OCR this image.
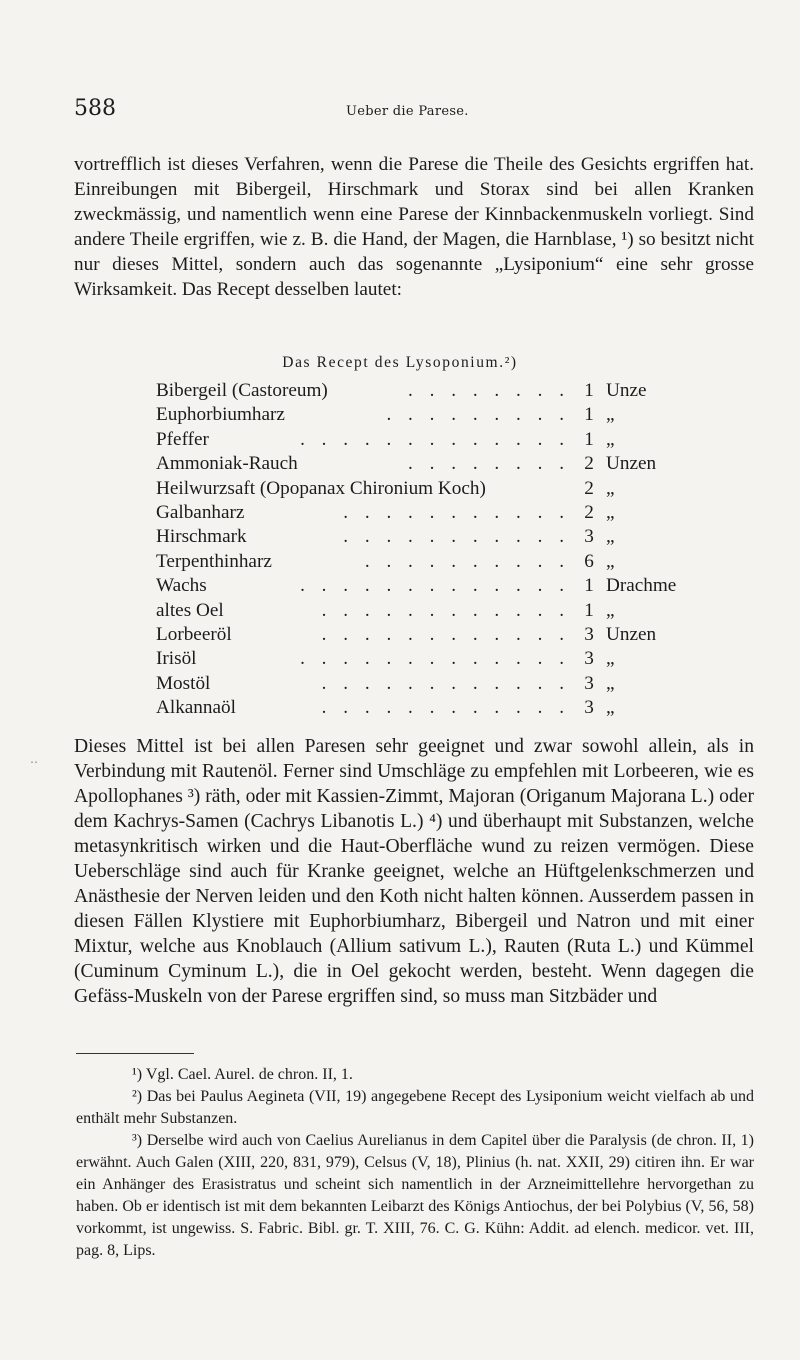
588	Ueber die Parese.

vortrefflich ist dieses Verfahren, wenn die Parese die Theile des Gesichts ergriffen hat. Einreibungen mit Bibergeil, Hirschmark und Storax sind bei allen Kranken zweckmässig, und namentlich wenn eine Parese der Kinnbackenmuskeln vorliegt. Sind andere Theile ergriffen, wie z. B. die Hand, der Magen, die Harnblase, ¹) so besitzt nicht nur dieses Mittel, sondern auch das sogenannte „Lysiponium“ eine sehr grosse Wirksamkeit. Das Recept desselben lautet:

Das Recept des Lysoponium.²)
Bibergeil (Castoreum)	. . . . . . . . 1 Unze
Euphorbiumharz	. . . . . . . . . 1 „
Pfeffer	. . . . . . . . . . . . . 1 „
Ammoniak-Rauch	. . . . . . . . 2 Unzen
Heilwurzsaft (Opopanax Chironium Koch)	2 „
Galbanharz	. . . . . . . . . . . 2 „
Hirschmark	. . . . . . . . . . . 3 „
Terpenthinharz	. . . . . . . . . . 6 „
Wachs	. . . . . . . . . . . . . 1 Drachme
altes Oel	. . . . . . . . . . . . 1 „
Lorbeeröl	. . . . . . . . . . . . 3 Unzen
Irisöl	. . . . . . . . . . . . . 3 „
Mostöl	. . . . . . . . . . . . 3 „
Alkannaöl	. . . . . . . . . . . . 3 „
‥

Dieses Mittel ist bei allen Paresen sehr geeignet und zwar sowohl allein, als in Verbindung mit Rautenöl. Ferner sind Umschläge zu empfehlen mit Lorbeeren, wie es Apollophanes ³) räth, oder mit Kassien-Zimmt, Majoran (Origanum Majorana L.) oder dem Kachrys-Samen (Cachrys Libanotis L.) ⁴) und überhaupt mit Substanzen, welche metasynkritisch wirken und die Haut-Oberfläche wund zu reizen vermögen. Diese Ueberschläge sind auch für Kranke geeignet, welche an Hüftgelenkschmerzen und Anästhesie der Nerven leiden und den Koth nicht halten können. Ausserdem passen in diesen Fällen Klystiere mit Euphorbiumharz, Bibergeil und Natron und mit einer Mixtur, welche aus Knoblauch (Allium sativum L.), Rauten (Ruta L.) und Kümmel (Cuminum Cyminum L.), die in Oel gekocht werden, besteht. Wenn dagegen die Gefäss-Muskeln von der Parese ergriffen sind, so muss man Sitzbäder und

¹) Vgl. Cael. Aurel. de chron. II, 1.
²) Das bei Paulus Aegineta (VII, 19) angegebene Recept des Lysiponium weicht vielfach ab und enthält mehr Substanzen.
³) Derselbe wird auch von Caelius Aurelianus in dem Capitel über die Paralysis (de chron. II, 1) erwähnt. Auch Galen (XIII, 220, 831, 979), Celsus (V, 18), Plinius (h. nat. XXII, 29) citiren ihn. Er war ein Anhänger des Erasistratus und scheint sich namentlich in der Arzneimittellehre hervorgethan zu haben. Ob er identisch ist mit dem bekannten Leibarzt des Königs Antiochus, der bei Polybius (V, 56, 58) vorkommt, ist ungewiss. S. Fabric. Bibl. gr. T. XIII, 76. C. G. Kühn: Addit. ad elench. medicor. vet. III, pag. 8, Lips.
